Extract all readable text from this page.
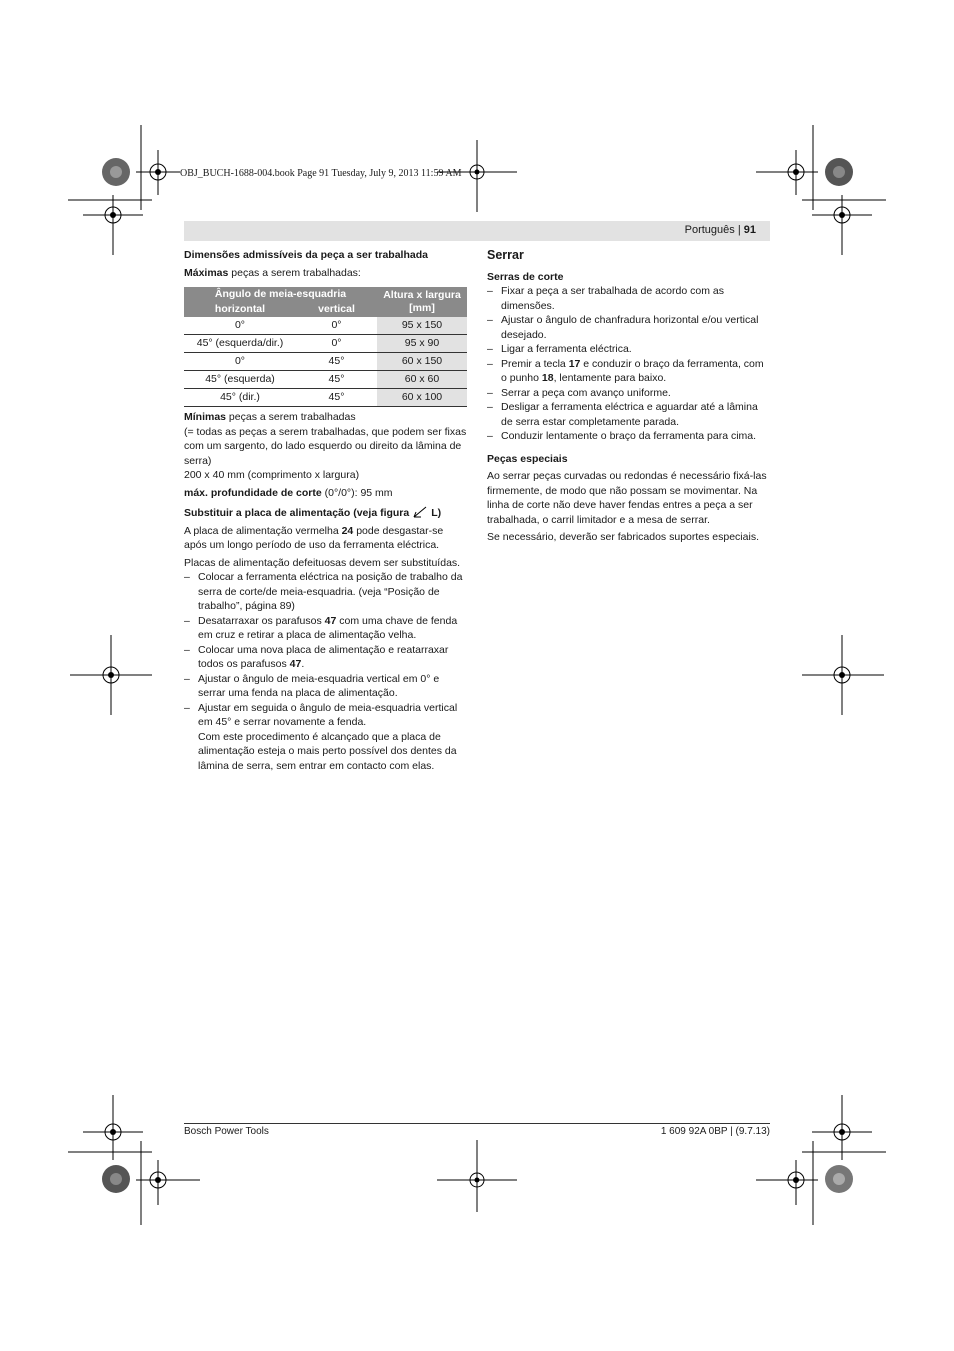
OBJ_BUCH-1688-004.book Page 91 Tuesday, July 9, 2013 11:59 AM
Português | 91

Dimensões admissíveis da peça a ser trabalhada

Máximas peças a serem trabalhadas:

Ângulo de meia-esquadria		Altura x largura [mm]
horizontal	vertical	
0°	0°	95 x 150
45° (esquerda/dir.)	0°	95 x 90
0°	45°	60 x 150
45° (esquerda)	45°	60 x 60
45° (dir.)	45°	60 x 100

Mínimas peças a serem trabalhadas

(= todas as peças a serem trabalhadas, que podem ser fixas com um sargento, do lado esquerdo ou direito da lâmina de serra)

200 x 40 mm (comprimento x largura)

máx. profundidade de corte (0°/0°): 95 mm

Substituir a placa de alimentação (veja figura L)

A placa de alimentação vermelha 24 pode desgastar-se após um longo período de uso da ferramenta eléctrica.

Placas de alimentação defeituosas devem ser substituídas.

– Colocar a ferramenta eléctrica na posição de trabalho da serra de corte/de meia-esquadria. (veja “Posição de trabalho”, página 89)
– Desatarraxar os parafusos 47 com uma chave de fenda em cruz e retirar a placa de alimentação velha.
– Colocar uma nova placa de alimentação e reatarraxar todos os parafusos 47.
– Ajustar o ângulo de meia-esquadria vertical em 0° e serrar uma fenda na placa de alimentação.
– Ajustar em seguida o ângulo de meia-esquadria vertical em 45° e serrar novamente a fenda.

Com este procedimento é alcançado que a placa de alimentação esteja o mais perto possível dos dentes da lâmina de serra, sem entrar em contacto com elas.

Serrar

Serras de corte

– Fixar a peça a ser trabalhada de acordo com as dimensões.
– Ajustar o ângulo de chanfradura horizontal e/ou vertical desejado.
– Ligar a ferramenta eléctrica.
– Premir a tecla 17 e conduzir o braço da ferramenta, com o punho 18, lentamente para baixo.
– Serrar a peça com avanço uniforme.
– Desligar a ferramenta eléctrica e aguardar até a lâmina de serra estar completamente parada.
– Conduzir lentamente o braço da ferramenta para cima.

Peças especiais

Ao serrar peças curvadas ou redondas é necessário fixá-las firmemente, de modo que não possam se movimentar. Na linha de corte não deve haver fendas entres a peça a ser trabalhada, o carril limitador e a mesa de serrar.

Se necessário, deverão ser fabricados suportes especiais.

Bosch Power Tools	1 609 92A 0BP | (9.7.13)
